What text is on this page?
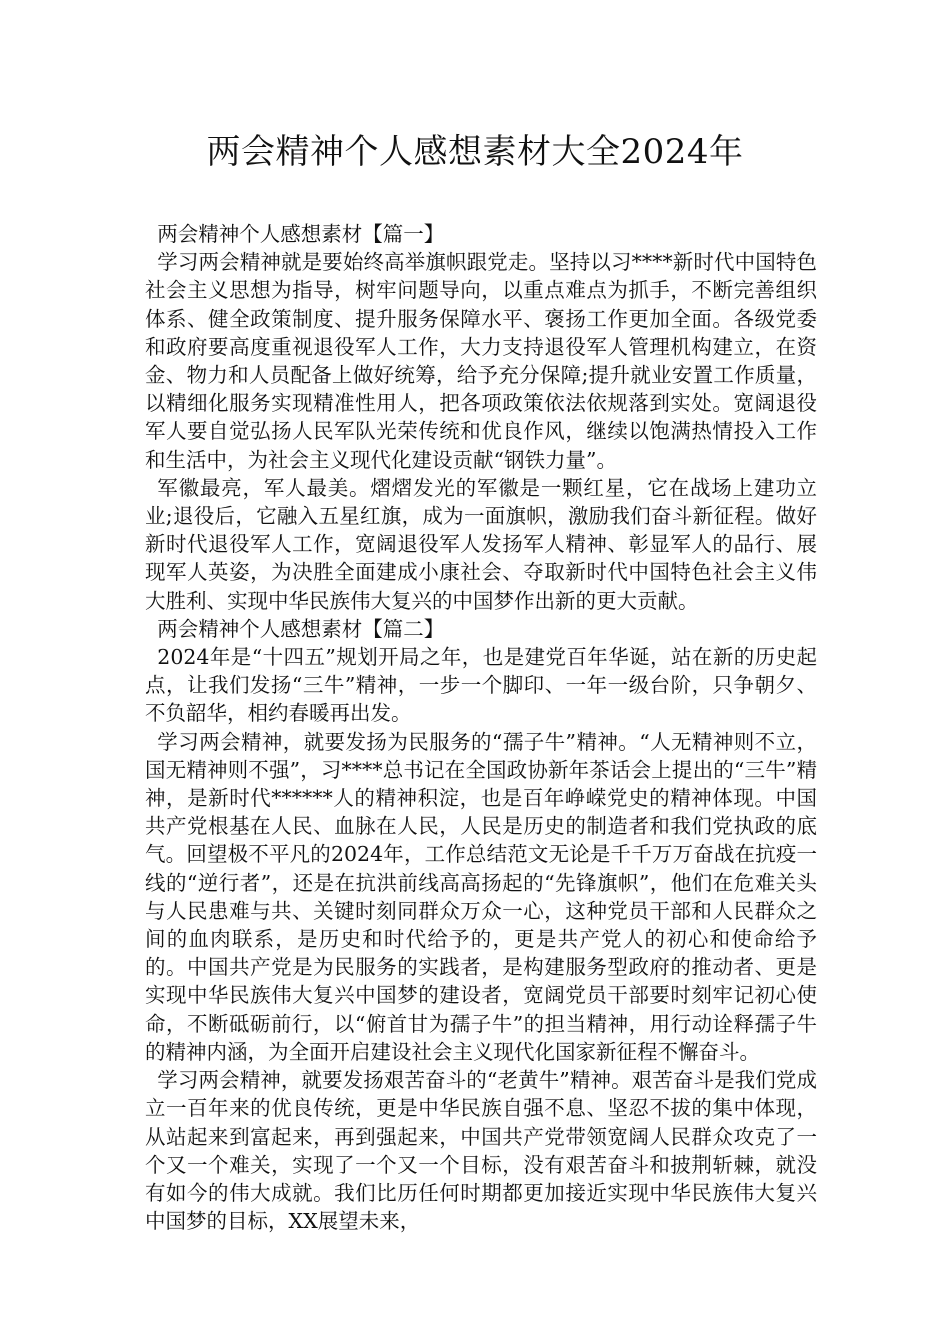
两会精神个人感想素材大全2024年

两会精神个人感想素材【篇一】

学习两会精神就是要始终高举旗帜跟党走。坚持以习****新时代中国特色社会主义思想为指导，树牢问题导向，以重点难点为抓手，不断完善组织体系、健全政策制度、提升服务保障水平、褒扬工作更加全面。各级党委和政府要高度重视退役军人工作，大力支持退役军人管理机构建立，在资金、物力和人员配备上做好统筹，给予充分保障;提升就业安置工作质量，以精细化服务实现精准性用人，把各项政策依法依规落到实处。宽阔退役军人要自觉弘扬人民军队光荣传统和优良作风，继续以饱满热情投入工作和生活中，为社会主义现代化建设贡献“钢铁力量”。

军徽最亮，军人最美。熠熠发光的军徽是一颗红星，它在战场上建功立业;退役后，它融入五星红旗，成为一面旗帜，激励我们奋斗新征程。做好新时代退役军人工作，宽阔退役军人发扬军人精神、彰显军人的品行、展现军人英姿，为决胜全面建成小康社会、夺取新时代中国特色社会主义伟大胜利、实现中华民族伟大复兴的中国梦作出新的更大贡献。

两会精神个人感想素材【篇二】

2024年是“十四五”规划开局之年，也是建党百年华诞，站在新的历史起点，让我们发扬“三牛”精神，一步一个脚印、一年一级台阶，只争朝夕、不负韶华，相约春暖再出发。

学习两会精神，就要发扬为民服务的“孺子牛”精神。“人无精神则不立，国无精神则不强”，习****总书记在全国政协新年茶话会上提出的“三牛”精神，是新时代******人的精神积淀，也是百年峥嵘党史的精神体现。中国共产党根基在人民、血脉在人民，人民是历史的制造者和我们党执政的底气。回望极不平凡的2024年，工作总结范文无论是千千万万奋战在抗疫一线的“逆行者”，还是在抗洪前线高高扬起的“先锋旗帜”，他们在危难关头与人民患难与共、关键时刻同群众万众一心，这种党员干部和人民群众之间的血肉联系，是历史和时代给予的，更是共产党人的初心和使命给予的。中国共产党是为民服务的实践者，是构建服务型政府的推动者、更是实现中华民族伟大复兴中国梦的建设者，宽阔党员干部要时刻牢记初心使命，不断砥砺前行，以“俯首甘为孺子牛”的担当精神，用行动诠释孺子牛的精神内涵，为全面开启建设社会主义现代化国家新征程不懈奋斗。

学习两会精神，就要发扬艰苦奋斗的“老黄牛”精神。艰苦奋斗是我们党成立一百年来的优良传统，更是中华民族自强不息、坚忍不拔的集中体现，从站起来到富起来，再到强起来，中国共产党带领宽阔人民群众攻克了一个又一个难关，实现了一个又一个目标，没有艰苦奋斗和披荆斩棘，就没有如今的伟大成就。我们比历任何时期都更加接近实现中华民族伟大复兴中国梦的目标，XX展望未来，
